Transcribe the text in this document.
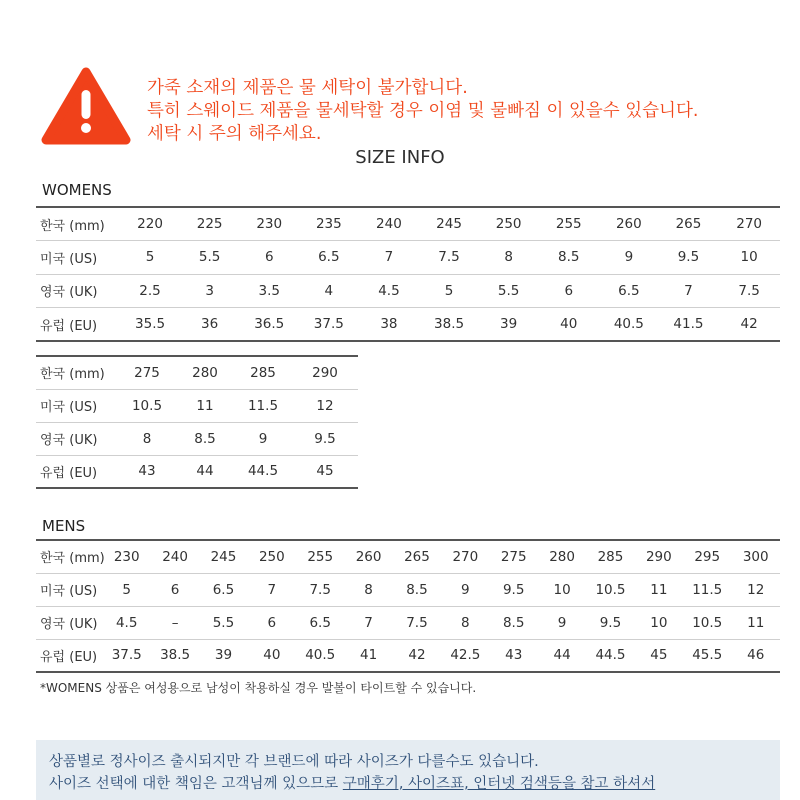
가죽 소재의 제품은 물 세탁이 불가합니다.
특히 스웨이드 제품을 물세탁할 경우 이염 및 물빠짐 이 있을수 있습니다.
세탁 시 주의 해주세요.
SIZE INFO
WOMENS
한국 (mm)	220	225	230	235	240	245	250	255	260	265	270
미국 (US)	5	5.5	6	6.5	7	7.5	8	8.5	9	9.5	10
영국 (UK)	2.5	3	3.5	4	4.5	5	5.5	6	6.5	7	7.5
유럽 (EU)	35.5	36	36.5	37.5	38	38.5	39	40	40.5	41.5	42
한국 (mm)	275	280	285	290
미국 (US)	10.5	11	11.5	12
영국 (UK)	8	8.5	9	9.5
유럽 (EU)	43	44	44.5	45
MENS
한국 (mm)	230	240	245	250	255	260	265	270	275	280	285	290	295	300
미국 (US)	5	6	6.5	7	7.5	8	8.5	9	9.5	10	10.5	11	11.5	12
영국 (UK)	4.5	–	5.5	6	6.5	7	7.5	8	8.5	9	9.5	10	10.5	11
유럽 (EU)	37.5	38.5	39	40	40.5	41	42	42.5	43	44	44.5	45	45.5	46
*WOMENS 상품은 여성용으로 남성이 착용하실 경우 발볼이 타이트할 수 있습니다.
상품별로 정사이즈 출시되지만 각 브랜드에 따라 사이즈가 다를수도 있습니다.
사이즈 선택에 대한 책임은 고객님께 있으므로 구매후기, 사이즈표, 인터넷 검색등을 참고 하셔서
